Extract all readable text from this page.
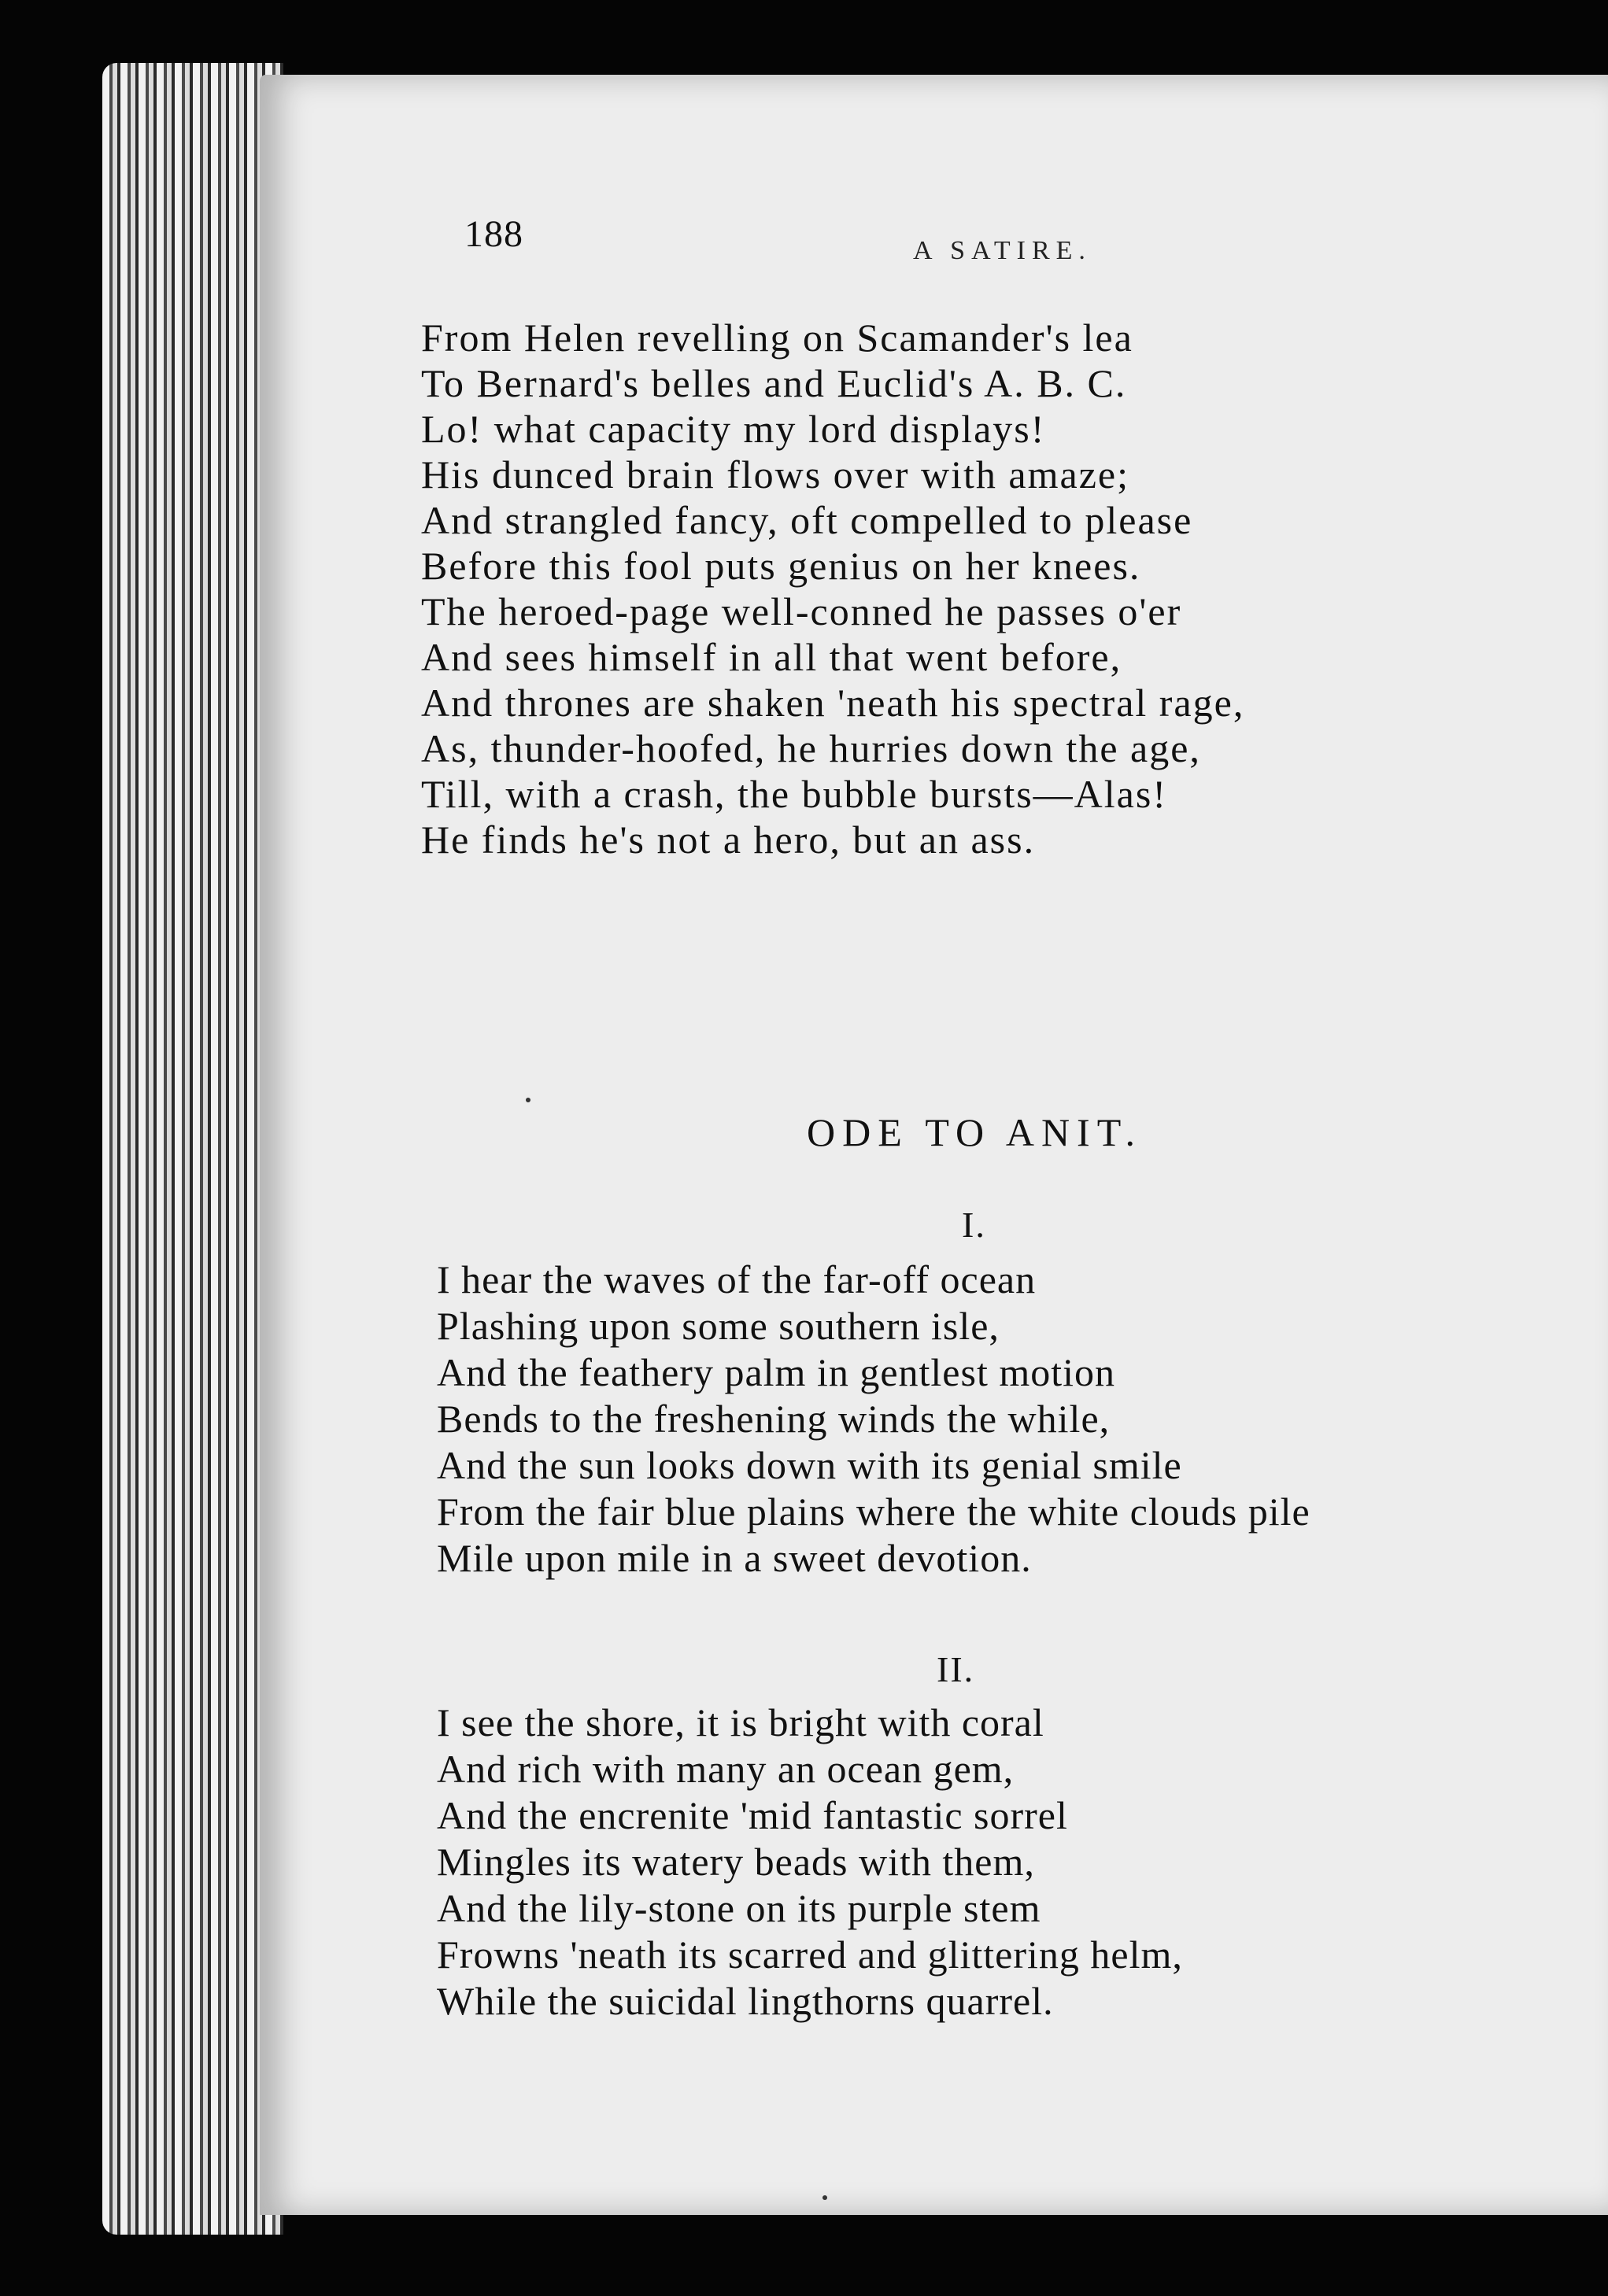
188	A SATIRE.
From Helen revelling on Scamander's lea
To Bernard's belles and Euclid's A. B. C.
Lo! what capacity my lord displays!
His dunced brain flows over with amaze;
And strangled fancy, oft compelled to please
Before this fool puts genius on her knees.
The heroed-page well-conned he passes o'er
And sees himself in all that went before,
And thrones are shaken 'neath his spectral rage,
As, thunder-hoofed, he hurries down the age,
Till, with a crash, the bubble bursts—Alas!
He finds he's not a hero, but an ass.
ODE TO ANIT.
I.
I hear the waves of the far-off ocean
Plashing upon some southern isle,
And the feathery palm in gentlest motion
Bends to the freshening winds the while,
And the sun looks down with its genial smile
From the fair blue plains where the white clouds pile
Mile upon mile in a sweet devotion.
II.
I see the shore, it is bright with coral
And rich with many an ocean gem,
And the encrenite 'mid fantastic sorrel
Mingles its watery beads with them,
And the lily-stone on its purple stem
Frowns 'neath its scarred and glittering helm,
While the suicidal lingthorns quarrel.
